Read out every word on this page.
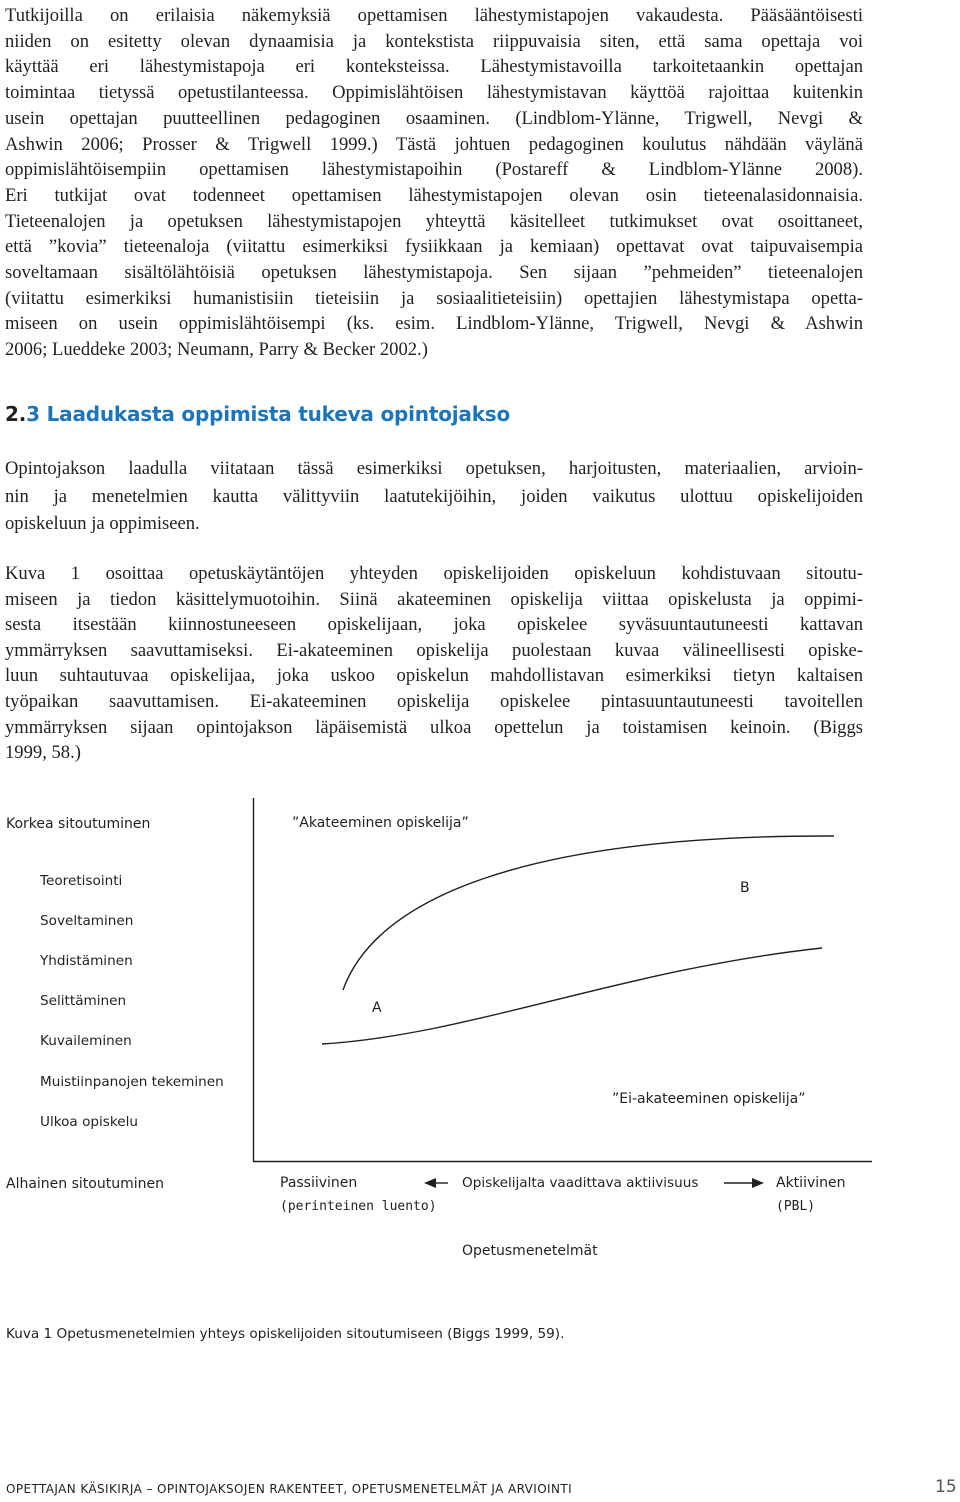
Tutkijoilla on erilaisia näkemyksiä opettamisen lähestymistapojen vakaudesta. Pääsääntöisesti
niiden on esitetty olevan dynaamisia ja kontekstista riippuvaisia siten, että sama opettaja voi
käyttää eri lähestymistapoja eri konteksteissa. Lähestymistavoilla tarkoitetaankin opettajan
toimintaa tietyssä opetustilanteessa. Oppimislähtöisen lähestymistavan käyttöä rajoittaa kuitenkin
usein opettajan puutteellinen pedagoginen osaaminen. (Lindblom-Ylänne, Trigwell, Nevgi &
Ashwin 2006; Prosser & Trigwell 1999.) Tästä johtuen pedagoginen koulutus nähdään väylänä
oppimislähtöisempiin opettamisen lähestymistapoihin (Postareff & Lindblom-Ylänne 2008).
Eri tutkijat ovat todenneet opettamisen lähestymistapojen olevan osin tieteenalasidonnaisia.
Tieteenalojen ja opetuksen lähestymistapojen yhteyttä käsitelleet tutkimukset ovat osoittaneet,
että ”kovia” tieteenaloja (viitattu esimerkiksi fysiikkaan ja kemiaan) opettavat ovat taipuvaisempia
soveltamaan sisältölähtöisiä opetuksen lähestymistapoja. Sen sijaan ”pehmeiden” tieteenalojen
(viitattu esimerkiksi humanistisiin tieteisiin ja sosiaalitieteisiin) opettajien lähestymistapa opetta-
miseen on usein oppimislähtöisempi (ks. esim. Lindblom-Ylänne, Trigwell, Nevgi & Ashwin
2006; Lueddeke 2003; Neumann, Parry & Becker 2002.)
2.3 Laadukasta oppimista tukeva opintojakso
Opintojakson laadulla viitataan tässä esimerkiksi opetuksen, harjoitusten, materiaalien, arvioin-
nin ja menetelmien kautta välittyviin laatutekijöihin, joiden vaikutus ulottuu opiskelijoiden
opiskeluun ja oppimiseen.
Kuva 1 osoittaa opetuskäytäntöjen yhteyden opiskelijoiden opiskeluun kohdistuvaan sitoutu-
miseen ja tiedon käsittelymuotoihin. Siinä akateeminen opiskelija viittaa opiskelusta ja oppimi-
sesta itsestään kiinnostuneeseen opiskelijaan, joka opiskelee syväsuuntautuneesti kattavan
ymmärryksen saavuttamiseksi. Ei-akateeminen opiskelija puolestaan kuvaa välineellisesti opiske-
luun suhtautuvaa opiskelijaa, joka uskoo opiskelun mahdollistavan esimerkiksi tietyn kaltaisen
työpaikan saavuttamisen. Ei-akateeminen opiskelija opiskelee pintasuuntautuneesti tavoitellen
ymmärryksen sijaan opintojakson läpäisemistä ulkoa opettelun ja toistamisen keinoin. (Biggs
1999, 58.)
Korkea sitoutuminen
Teoretisointi
Soveltaminen
Yhdistäminen
Selittäminen
Kuvaileminen
Muistiinpanojen tekeminen
Ulkoa opiskelu
Alhainen sitoutuminen
”Akateeminen opiskelija”
B
A
”Ei-akateeminen opiskelija”
Passiivinen
(perinteinen luento)
Opiskelijalta vaadittava aktiivisuus	Aktiivinen
(PBL)
Opetusmenetelmät
Kuva 1 Opetusmenetelmien yhteys opiskelijoiden sitoutumiseen (Biggs 1999, 59).
OPETTAJAN KÄSIKIRJA – OPINTOJAKSOJEN RAKENTEET, OPETUSMENETELMÄT JA ARVIOINTI	15
